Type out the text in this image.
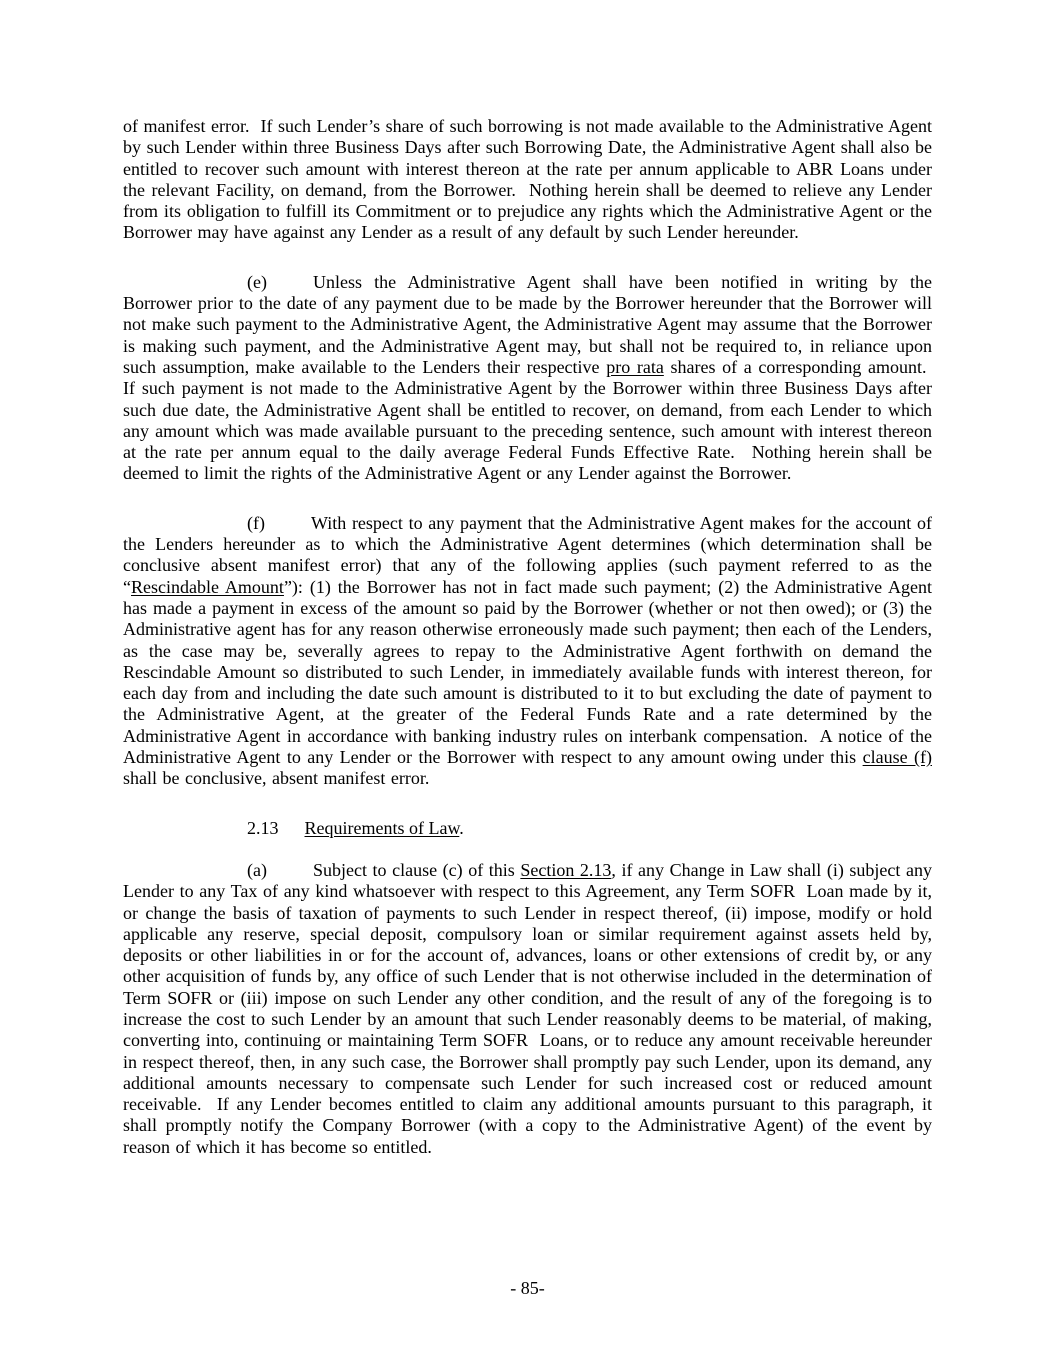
of manifest error.  If such Lender’s share of such borrowing is not made available to the Administrative Agent by such Lender within three Business Days after such Borrowing Date, the Administrative Agent shall also be entitled to recover such amount with interest thereon at the rate per annum applicable to ABR Loans under the relevant Facility, on demand, from the Borrower.  Nothing herein shall be deemed to relieve any Lender from its obligation to fulfill its Commitment or to prejudice any rights which the Administrative Agent or the Borrower may have against any Lender as a result of any default by such Lender hereunder.

(e)	Unless the Administrative Agent shall have been notified in writing by the Borrower prior to the date of any payment due to be made by the Borrower hereunder that the Borrower will not make such payment to the Administrative Agent, the Administrative Agent may assume that the Borrower is making such payment, and the Administrative Agent may, but shall not be required to, in reliance upon such assumption, make available to the Lenders their respective pro rata shares of a corresponding amount.  If such payment is not made to the Administrative Agent by the Borrower within three Business Days after such due date, the Administrative Agent shall be entitled to recover, on demand, from each Lender to which any amount which was made available pursuant to the preceding sentence, such amount with interest thereon at the rate per annum equal to the daily average Federal Funds Effective Rate.  Nothing herein shall be deemed to limit the rights of the Administrative Agent or any Lender against the Borrower.

(f)	With respect to any payment that the Administrative Agent makes for the account of the Lenders hereunder as to which the Administrative Agent determines (which determination shall be conclusive absent manifest error) that any of the following applies (such payment referred to as the “Rescindable Amount”): (1) the Borrower has not in fact made such payment; (2) the Administrative Agent has made a payment in excess of the amount so paid by the Borrower (whether or not then owed); or (3) the Administrative agent has for any reason otherwise erroneously made such payment; then each of the Lenders, as the case may be, severally agrees to repay to the Administrative Agent forthwith on demand the Rescindable Amount so distributed to such Lender, in immediately available funds with interest thereon, for each day from and including the date such amount is distributed to it to but excluding the date of payment to the Administrative Agent, at the greater of the Federal Funds Rate and a rate determined by the Administrative Agent in accordance with banking industry rules on interbank compensation.  A notice of the Administrative Agent to any Lender or the Borrower with respect to any amount owing under this clause (f) shall be conclusive, absent manifest error.

2.13 Requirements of Law.

(a)	Subject to clause (c) of this Section 2.13, if any Change in Law shall (i) subject any Lender to any Tax of any kind whatsoever with respect to this Agreement, any Term SOFR  Loan made by it, or change the basis of taxation of payments to such Lender in respect thereof, (ii) impose, modify or hold applicable any reserve, special deposit, compulsory loan or similar requirement against assets held by, deposits or other liabilities in or for the account of, advances, loans or other extensions of credit by, or any other acquisition of funds by, any office of such Lender that is not otherwise included in the determination of Term SOFR or (iii) impose on such Lender any other condition, and the result of any of the foregoing is to increase the cost to such Lender by an amount that such Lender reasonably deems to be material, of making, converting into, continuing or maintaining Term SOFR  Loans, or to reduce any amount receivable hereunder in respect thereof, then, in any such case, the Borrower shall promptly pay such Lender, upon its demand, any additional amounts necessary to compensate such Lender for such increased cost or reduced amount receivable.  If any Lender becomes entitled to claim any additional amounts pursuant to this paragraph, it shall promptly notify the Company Borrower (with a copy to the Administrative Agent) of the event by reason of which it has become so entitled.

- 85-
